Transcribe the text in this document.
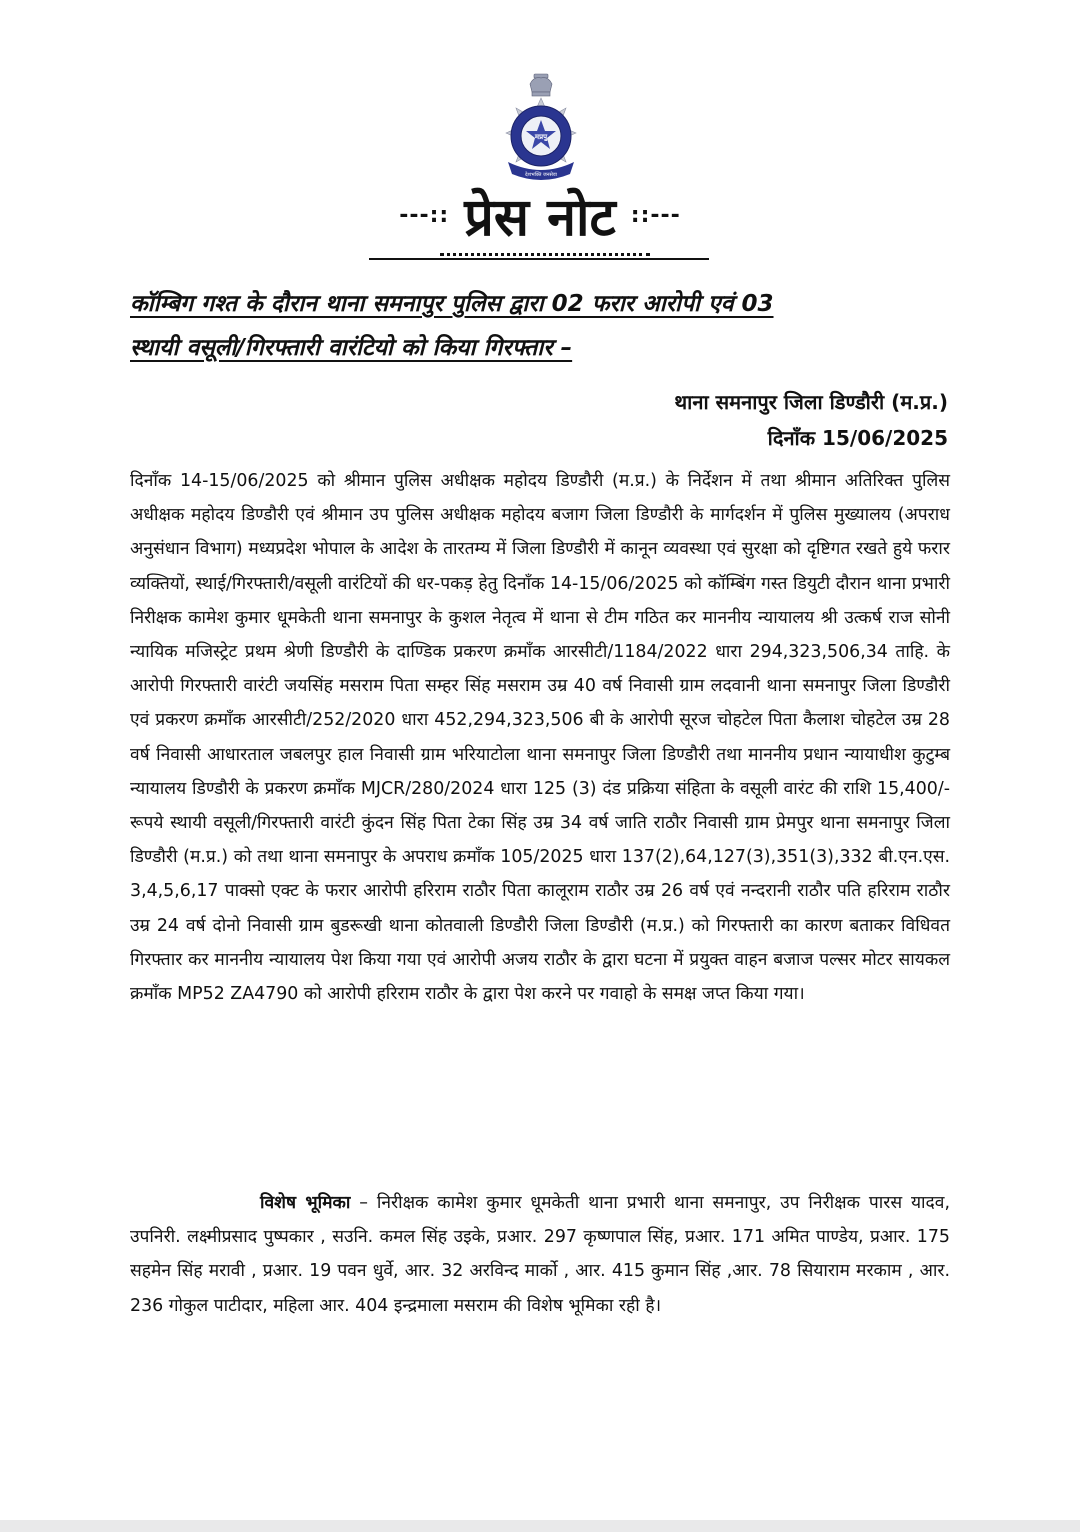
मप्रपु
देशभक्ति जनसेवा
---:: प्रेस नोट ::---
कॉम्बिग गश्त के दौरान थाना समनापुर पुलिस द्वारा 02 फरार आरोपी एवं 03
स्थायी वसूली/गिरफ्तारी वारंटियो को किया गिरफ्तार –
थाना समनापुर जिला डिण्डौरी (म.प्र.)
दिनाँक 15/06/2025
दिनाँक 14-15/06/2025 को श्रीमान पुलिस अधीक्षक महोदय डिण्डौरी (म.प्र.) के निर्देशन में तथा श्रीमान अतिरिक्त पुलिस अधीक्षक महोदय डिण्डौरी एवं श्रीमान उप पुलिस अधीक्षक महोदय बजाग जिला डिण्डौरी के मार्गदर्शन में पुलिस मुख्यालय (अपराध अनुसंधान विभाग) मध्यप्रदेश भोपाल के आदेश के तारतम्य में जिला डिण्डौरी में कानून व्यवस्था एवं सुरक्षा को दृष्टिगत रखते हुये फरार व्यक्तियों, स्थाई/गिरफ्तारी/वसूली वारंटियों की धर-पकड़ हेतु दिनाँक 14-15/06/2025 को कॉम्बिंग गस्त डियुटी दौरान थाना प्रभारी निरीक्षक कामेश कुमार धूमकेती थाना समनापुर के कुशल नेतृत्व में थाना से टीम गठित कर माननीय न्यायालय श्री उत्कर्ष राज सोनी न्यायिक मजिस्ट्रेट प्रथम श्रेणी डिण्डौरी के दाण्डिक प्रकरण क्रमाँक आरसीटी/1184/2022 धारा 294,323,506,34 ताहि. के आरोपी गिरफ्तारी वारंटी जयसिंह मसराम पिता सम्हर सिंह मसराम उम्र 40 वर्ष निवासी ग्राम लदवानी थाना समनापुर जिला डिण्डौरी एवं प्रकरण क्रमाँक आरसीटी/252/2020 धारा 452,294,323,506 बी के आरोपी सूरज चोहटेल पिता कैलाश चोहटेल उम्र 28 वर्ष निवासी आधारताल जबलपुर हाल निवासी ग्राम भरियाटोला थाना समनापुर जिला डिण्डौरी तथा माननीय प्रधान न्यायाधीश कुटुम्ब न्यायालय डिण्डौरी के प्रकरण क्रमाँक MJCR/280/2024 धारा 125 (3) दंड प्रक्रिया संहिता के वसूली वारंट की राशि 15,400/- रूपये स्थायी वसूली/गिरफ्तारी वारंटी कुंदन सिंह पिता टेका सिंह उम्र 34 वर्ष जाति राठौर निवासी ग्राम प्रेमपुर थाना समनापुर जिला डिण्डौरी (म.प्र.) को तथा थाना समनापुर के अपराध क्रमाँक 105/2025 धारा 137(2),64,127(3),351(3),332 बी.एन.एस. 3,4,5,6,17 पाक्सो एक्ट के फरार आरोपी हरिराम राठौर पिता कालूराम राठौर उम्र 26 वर्ष एवं नन्दरानी राठौर पति हरिराम राठौर उम्र 24 वर्ष दोनो निवासी ग्राम बुडरूखी थाना कोतवाली डिण्डौरी जिला डिण्डौरी (म.प्र.) को गिरफ्तारी का कारण बताकर विधिवत गिरफ्तार कर माननीय न्यायालय पेश किया गया एवं आरोपी अजय राठौर के द्वारा घटना में प्रयुक्त वाहन बजाज पल्सर मोटर सायकल क्रमाँक MP52 ZA4790 को आरोपी हरिराम राठौर के द्वारा पेश करने पर गवाहो के समक्ष जप्त किया गया।
विशेष भूमिका – निरीक्षक कामेश कुमार धूमकेती थाना प्रभारी थाना समनापुर, उप निरीक्षक पारस यादव, उपनिरी. लक्ष्मीप्रसाद पुष्पकार , सउनि. कमल सिंह उइके, प्रआर. 297 कृष्णपाल सिंह, प्रआर. 171 अमित पाण्डेय, प्रआर. 175 सहमेन सिंह मरावी , प्रआर. 19 पवन धुर्वे, आर. 32 अरविन्द मार्को , आर. 415 कुमान सिंह ,आर. 78 सियाराम मरकाम , आर. 236 गोकुल पाटीदार, महिला आर. 404 इन्द्रमाला मसराम की विशेष भूमिका रही है।
